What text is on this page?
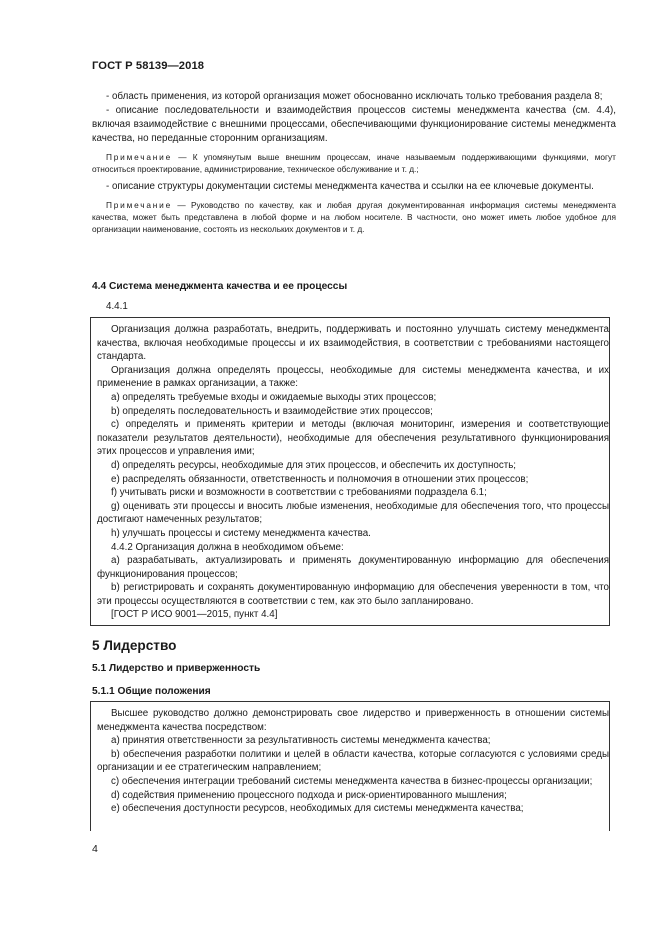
ГОСТ Р 58139—2018

- область применения, из которой организация может обоснованно исключать только требования раздела 8;

- описание последовательности и взаимодействия процессов системы менеджмента качества (см. 4.4), включая взаимодействие с внешними процессами, обеспечивающими функционирование системы менеджмента качества, но переданные сторонним организациям.

Примечание — К упомянутым выше внешним процессам, иначе называемым поддерживающими функциями, могут относиться проектирование, администрирование, техническое обслуживание и т. д.;

- описание структуры документации системы менеджмента качества и ссылки на ее ключевые документы.

Примечание — Руководство по качеству, как и любая другая документированная информация системы менеджмента качества, может быть представлена в любой форме и на любом носителе. В частности, оно может иметь любое удобное для организации наименование, состоять из нескольких документов и т. д.

4.4 Система менеджмента качества и ее процессы
4.4.1

Организация должна разработать, внедрить, поддерживать и постоянно улучшать систему менеджмента качества, включая необходимые процессы и их взаимодействия, в соответствии с требованиями настоящего стандарта.

Организация должна определять процессы, необходимые для системы менеджмента качества, и их применение в рамках организации, а также:

a) определять требуемые входы и ожидаемые выходы этих процессов;

b) определять последовательность и взаимодействие этих процессов;

c) определять и применять критерии и методы (включая мониторинг, измерения и соответствующие показатели результатов деятельности), необходимые для обеспечения результативного функционирования этих процессов и управления ими;

d) определять ресурсы, необходимые для этих процессов, и обеспечить их доступность;

e) распределять обязанности, ответственность и полномочия в отношении этих процессов;

f) учитывать риски и возможности в соответствии с требованиями подраздела 6.1;

g) оценивать эти процессы и вносить любые изменения, необходимые для обеспечения того, что процессы достигают намеченных результатов;

h) улучшать процессы и систему менеджмента качества.

4.4.2 Организация должна в необходимом объеме:

a) разрабатывать, актуализировать и применять документированную информацию для обеспечения функционирования процессов;

b) регистрировать и сохранять документированную информацию для обеспечения уверенности в том, что эти процессы осуществляются в соответствии с тем, как это было запланировано.

[ГОСТ Р ИСО 9001—2015, пункт 4.4]

5 Лидерство
5.1 Лидерство и приверженность
5.1.1 Общие положения

Высшее руководство должно демонстрировать свое лидерство и приверженность в отношении системы менеджмента качества посредством:

a) принятия ответственности за результативность системы менеджмента качества;

b) обеспечения разработки политики и целей в области качества, которые согласуются с условиями среды организации и ее стратегическим направлением;

c) обеспечения интеграции требований системы менеджмента качества в бизнес-процессы организации;

d) содействия применению процессного подхода и риск-ориентированного мышления;

e) обеспечения доступности ресурсов, необходимых для системы менеджмента качества;

4
